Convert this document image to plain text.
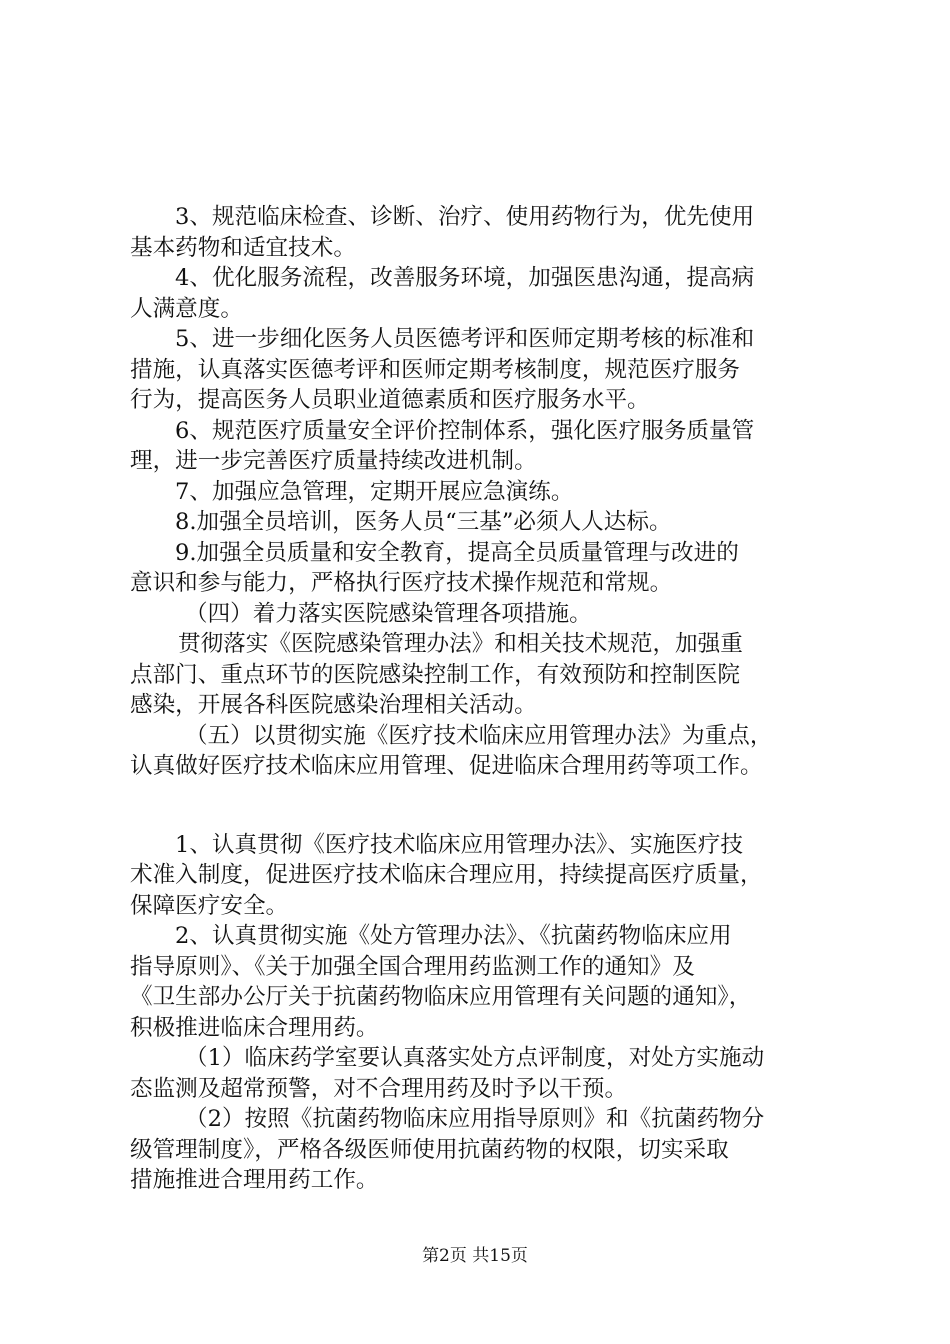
3、规范临床检查、诊断、治疗、使用药物行为，优先使用
基本药物和适宜技术。
4、优化服务流程，改善服务环境，加强医患沟通，提高病
人满意度。
5、进一步细化医务人员医德考评和医师定期考核的标准和
措施，认真落实医德考评和医师定期考核制度，规范医疗服务
行为，提高医务人员职业道德素质和医疗服务水平。
6、规范医疗质量安全评价控制体系，强化医疗服务质量管
理，进一步完善医疗质量持续改进机制。
7、加强应急管理，定期开展应急演练。
8.加强全员培训，医务人员“三基”必须人人达标。
9.加强全员质量和安全教育，提高全员质量管理与改进的
意识和参与能力，严格执行医疗技术操作规范和常规。
（四）着力落实医院感染管理各项措施。
贯彻落实《医院感染管理办法》和相关技术规范，加强重
点部门、重点环节的医院感染控制工作，有效预防和控制医院
感染，开展各科医院感染治理相关活动。
（五）以贯彻实施《医疗技术临床应用管理办法》为重点，
认真做好医疗技术临床应用管理、促进临床合理用药等项工作。
1、认真贯彻《医疗技术临床应用管理办法》、实施医疗技
术准入制度，促进医疗技术临床合理应用，持续提高医疗质量，
保障医疗安全。
2、认真贯彻实施《处方管理办法》、《抗菌药物临床应用
指导原则》、《关于加强全国合理用药监测工作的通知》及
《卫生部办公厅关于抗菌药物临床应用管理有关问题的通知》，
积极推进临床合理用药。
（1）临床药学室要认真落实处方点评制度，对处方实施动
态监测及超常预警，对不合理用药及时予以干预。
（2）按照《抗菌药物临床应用指导原则》和《抗菌药物分
级管理制度》，严格各级医师使用抗菌药物的权限，切实采取
措施推进合理用药工作。
第2页 共15页
